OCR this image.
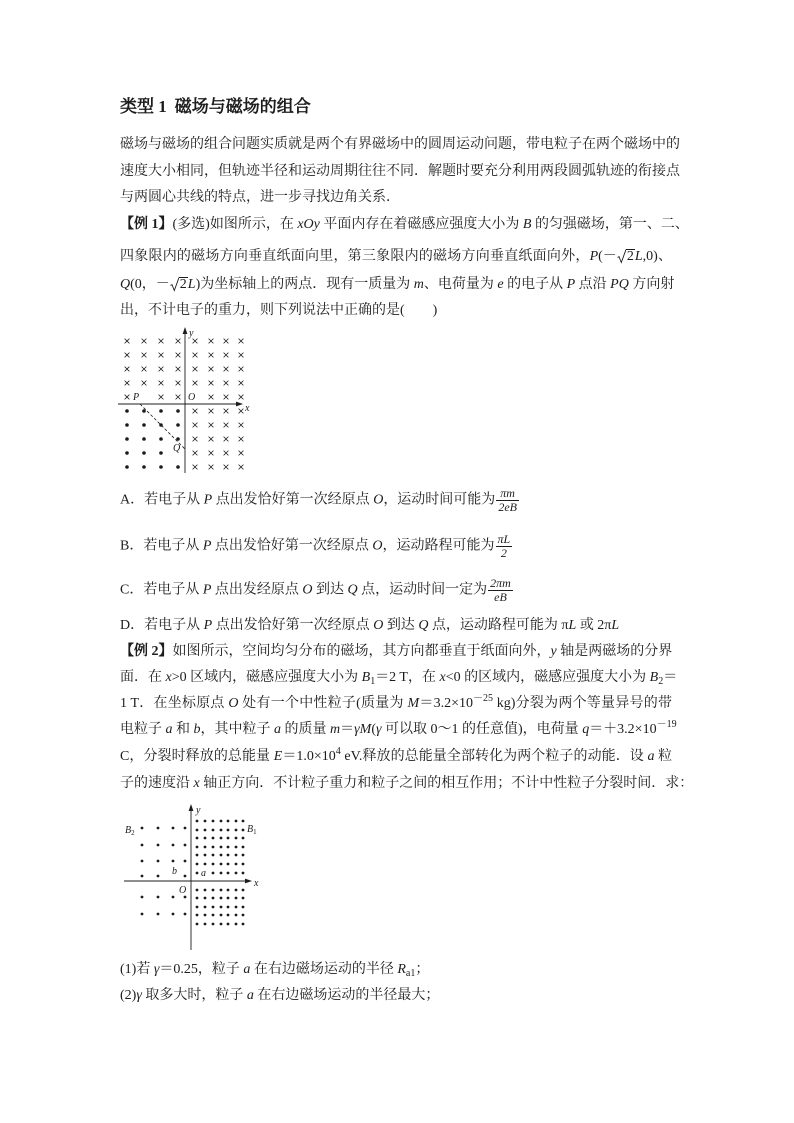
类型 1 磁场与磁场的组合
磁场与磁场的组合问题实质就是两个有界磁场中的圆周运动问题，带电粒子在两个磁场中的
速度大小相同，但轨迹半径和运动周期往往不同．解题时要充分利用两段圆弧轨迹的衔接点
与两圆心共线的特点，进一步寻找边角关系．
【例 1】(多选)如图所示，在 xOy 平面内存在着磁感应强度大小为 B 的匀强磁场，第一、二、
四象限内的磁场方向垂直纸面向里，第三象限内的磁场方向垂直纸面向外，P(－ 2L,0)、
Q(0，－ 2L)为坐标轴上的两点．现有一质量为 m、电荷量为 e 的电子从 P 点沿 PQ 方向射
出，不计电子的重力，则下列说法中正确的是(　　)
y
x
P	O
Q
A．若电子从 P 点出发恰好第一次经原点 O，运动时间可能为 $\frac{\pi m}{2eB}$
B．若电子从 P 点出发恰好第一次经原点 O，运动路程可能为 $\frac{\pi L}{2}$
C．若电子从 P 点出发经原点 O 到达 Q 点，运动时间一定为 $\frac{2\pi m}{eB}$
D．若电子从 P 点出发恰好第一次经原点 O 到达 Q 点，运动路程可能为 πL 或 2πL
【例 2】如图所示，空间均匀分布的磁场，其方向都垂直于纸面向外，y 轴是两磁场的分界
面．在 x>0 区域内，磁感应强度大小为 $B_1=2$ T，在 x<0 的区域内，磁感应强度大小为 $B_2=$
1 T．在坐标原点 O 处有一个中性粒子(质量为 $M=3.2\times 10^{-25}$ kg)分裂为两个等量异号的带
电粒子 a 和 b，其中粒子 a 的质量 m＝γM(γ 可以取 0～1 的任意值)，电荷量 $q=+3.2\times 10^{-19}$
C，分裂时释放的总能量 $E=1.0\times 10^4$ eV.释放的总能量全部转化为两个粒子的动能．设 a 粒
子的速度沿 x 轴正方向．不计粒子重力和粒子之间的相互作用；不计中性粒子分裂时间．求：
y
x
$B_2$	$B_1$
a
b
O
(1)若 γ＝0.25，粒子 a 在右边磁场运动的半径 $R_{a1}$；
(2)γ 取多大时，粒子 a 在右边磁场运动的半径最大；
